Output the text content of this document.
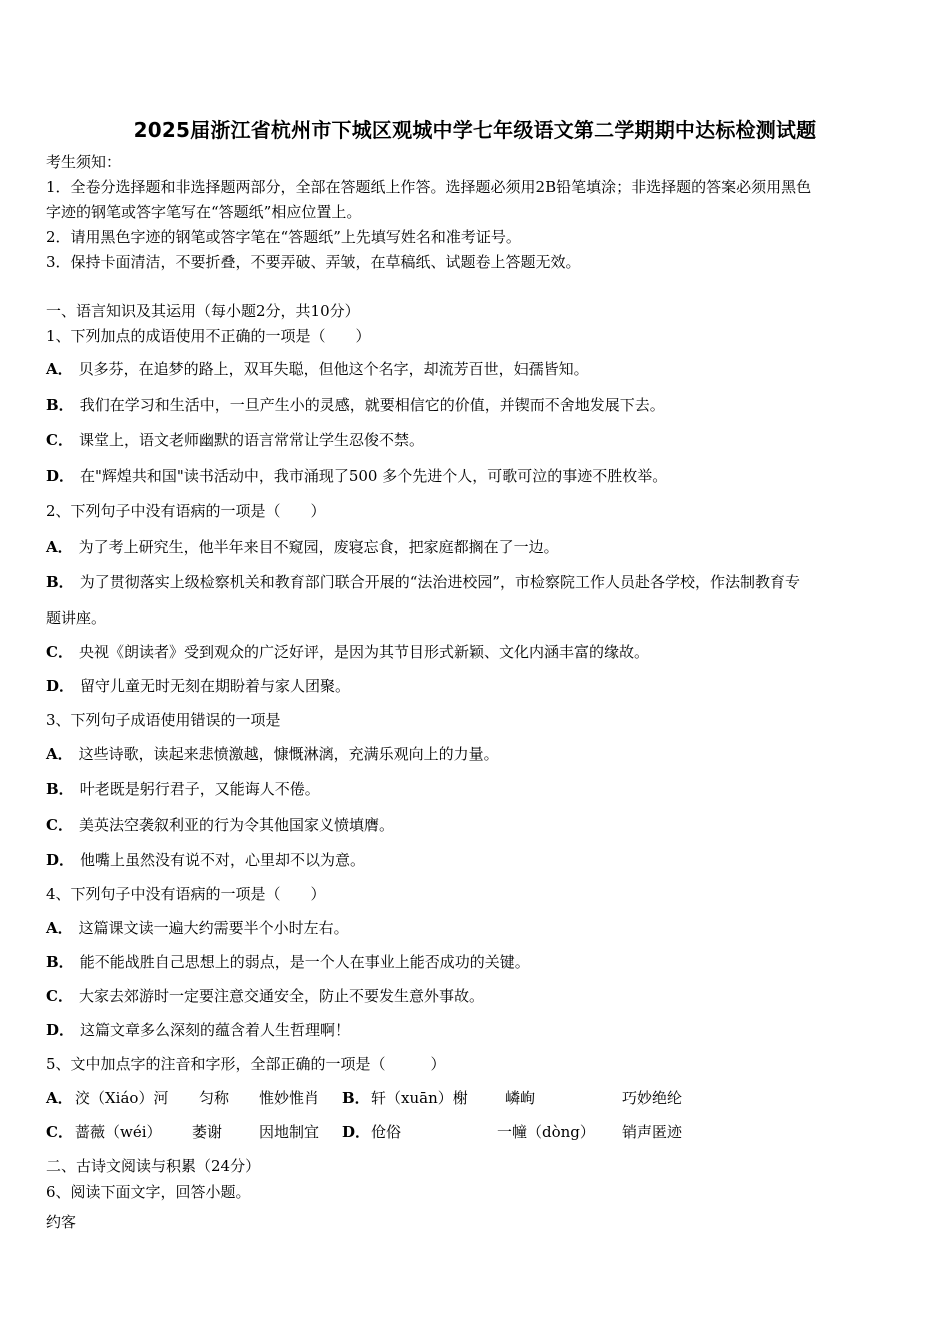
2025届浙江省杭州市下城区观城中学七年级语文第二学期期中达标检测试题
考生须知：
1．全卷分选择题和非选择题两部分，全部在答题纸上作答。选择题必须用2B铅笔填涂；非选择题的答案必须用黑色
字迹的钢笔或答字笔写在“答题纸”相应位置上。
2．请用黑色字迹的钢笔或答字笔在“答题纸”上先填写姓名和准考证号。
3．保持卡面清洁，不要折叠，不要弄破、弄皱，在草稿纸、试题卷上答题无效。
一、语言知识及其运用（每小题2分，共10分）
1、下列加点的成语使用不正确的一项是（　　）
A． 贝多芬，在追梦的路上，双耳失聪，但他这个名字，却流芳百世，妇孺皆知。
B． 我们在学习和生活中，一旦产生小的灵感，就要相信它的价值，并锲而不舍地发展下去。
C． 课堂上，语文老师幽默的语言常常让学生忍俊不禁。
D． 在"辉煌共和国"读书活动中，我市涌现了500 多个先进个人，可歌可泣的事迹不胜枚举。
2、下列句子中没有语病的一项是（　　）
A． 为了考上研究生，他半年来目不窥园，废寝忘食，把家庭都搁在了一边。
B． 为了贯彻落实上级检察机关和教育部门联合开展的“法治进校园”，市检察院工作人员赴各学校，作法制教育专
题讲座。
C． 央视《朗读者》受到观众的广泛好评，是因为其节目形式新颖、文化内涵丰富的缘故。
D． 留守儿童无时无刻在期盼着与家人团聚。
3、下列句子成语使用错误的一项是
A． 这些诗歌，读起来悲愤激越，慷慨淋漓，充满乐观向上的力量。
B． 叶老既是躬行君子，又能诲人不倦。
C． 美英法空袭叙利亚的行为令其他国家义愤填膺。
D． 他嘴上虽然没有说不对，心里却不以为意。
4、下列句子中没有语病的一项是（　　）
A． 这篇课文读一遍大约需要半个小时左右。
B． 能不能战胜自己思想上的弱点，是一个人在事业上能否成功的关键。
C． 大家去郊游时一定要注意交通安全，防止不要发生意外事故。
D． 这篇文章多么深刻的蕴含着人生哲理啊！
5、文中加点字的注音和字形，全部正确的一项是（　　　）
A． 洨（Xiáo）河 匀称 惟妙惟肖 B． 轩（xuān）榭 嶙峋	巧妙绝纶
C． 蔷薇（wéi） 萎谢 因地制宜 D． 伧俗	一幢（dòng） 销声匿迹
二、古诗文阅读与积累（24分）
6、阅读下面文字，回答小题。
约客
